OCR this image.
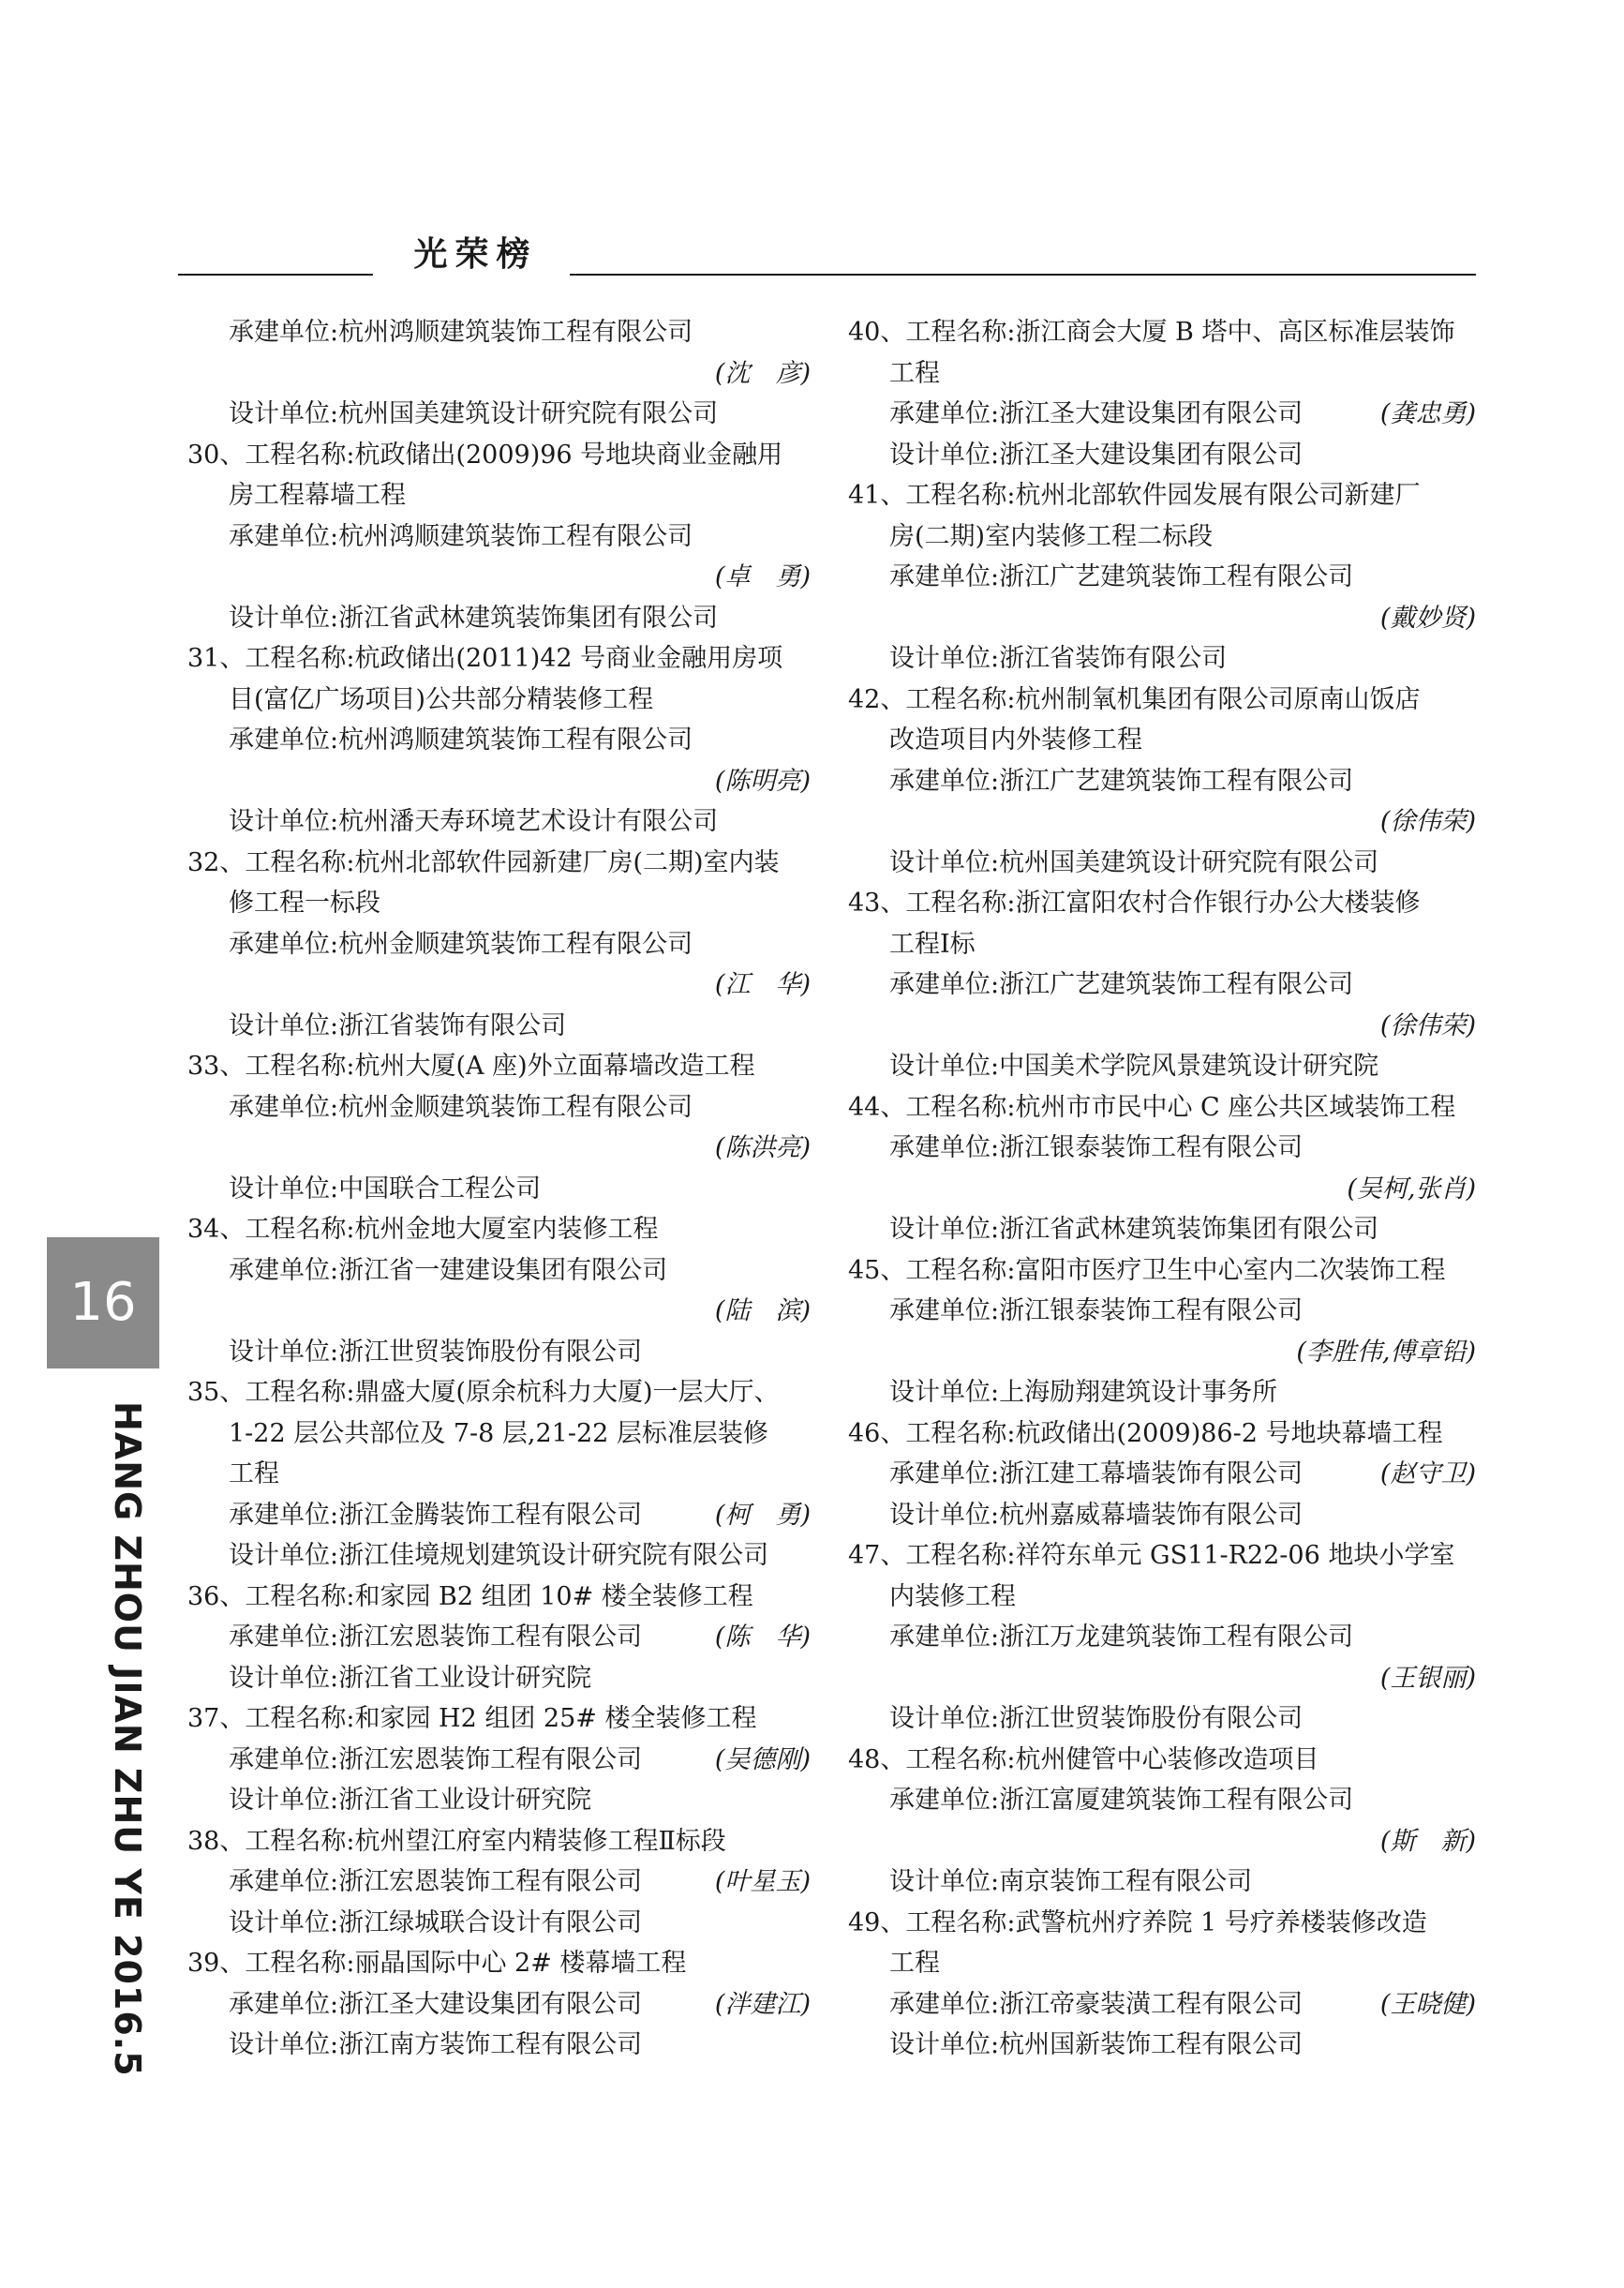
光荣榜
16
HANG ZHOU JIAN ZHU YE 2016.5
承建单位:杭州鸿顺建筑装饰工程有限公司
(沈　彦)
设计单位:杭州国美建筑设计研究院有限公司
30、工程名称:杭政储出(2009)96 号地块商业金融用
房工程幕墙工程
承建单位:杭州鸿顺建筑装饰工程有限公司
(卓　勇)
设计单位:浙江省武林建筑装饰集团有限公司
31、工程名称:杭政储出(2011)42 号商业金融用房项
目(富亿广场项目)公共部分精装修工程
承建单位:杭州鸿顺建筑装饰工程有限公司
(陈明亮)
设计单位:杭州潘天寿环境艺术设计有限公司
32、工程名称:杭州北部软件园新建厂房(二期)室内装
修工程一标段
承建单位:杭州金顺建筑装饰工程有限公司
(江　华)
设计单位:浙江省装饰有限公司
33、工程名称:杭州大厦(A 座)外立面幕墙改造工程
承建单位:杭州金顺建筑装饰工程有限公司
(陈洪亮)
设计单位:中国联合工程公司
34、工程名称:杭州金地大厦室内装修工程
承建单位:浙江省一建建设集团有限公司
(陆　滨)
设计单位:浙江世贸装饰股份有限公司
35、工程名称:鼎盛大厦(原余杭科力大厦)一层大厅、
1-22 层公共部位及 7-8 层,21-22 层标准层装修
工程
承建单位:浙江金腾装饰工程有限公司	(柯　勇)
设计单位:浙江佳境规划建筑设计研究院有限公司
36、工程名称:和家园 B2 组团 10# 楼全装修工程
承建单位:浙江宏恩装饰工程有限公司	(陈　华)
设计单位:浙江省工业设计研究院
37、工程名称:和家园 H2 组团 25# 楼全装修工程
承建单位:浙江宏恩装饰工程有限公司	(吴德刚)
设计单位:浙江省工业设计研究院
38、工程名称:杭州望江府室内精装修工程Ⅱ标段
承建单位:浙江宏恩装饰工程有限公司	(叶星玉)
设计单位:浙江绿城联合设计有限公司
39、工程名称:丽晶国际中心 2# 楼幕墙工程
承建单位:浙江圣大建设集团有限公司	(泮建江)
设计单位:浙江南方装饰工程有限公司
40、工程名称:浙江商会大厦 B 塔中、高区标准层装饰
工程
承建单位:浙江圣大建设集团有限公司	(龚忠勇)
设计单位:浙江圣大建设集团有限公司
41、工程名称:杭州北部软件园发展有限公司新建厂
房(二期)室内装修工程二标段
承建单位:浙江广艺建筑装饰工程有限公司
(戴妙贤)
设计单位:浙江省装饰有限公司
42、工程名称:杭州制氧机集团有限公司原南山饭店
改造项目内外装修工程
承建单位:浙江广艺建筑装饰工程有限公司
(徐伟荣)
设计单位:杭州国美建筑设计研究院有限公司
43、工程名称:浙江富阳农村合作银行办公大楼装修
工程Ⅰ标
承建单位:浙江广艺建筑装饰工程有限公司
(徐伟荣)
设计单位:中国美术学院风景建筑设计研究院
44、工程名称:杭州市市民中心 C 座公共区域装饰工程
承建单位:浙江银泰装饰工程有限公司
(吴柯,张肖)
设计单位:浙江省武林建筑装饰集团有限公司
45、工程名称:富阳市医疗卫生中心室内二次装饰工程
承建单位:浙江银泰装饰工程有限公司
(李胜伟,傅章铅)
设计单位:上海励翔建筑设计事务所
46、工程名称:杭政储出(2009)86-2 号地块幕墙工程
承建单位:浙江建工幕墙装饰有限公司	(赵守卫)
设计单位:杭州嘉威幕墙装饰有限公司
47、工程名称:祥符东单元 GS11-R22-06 地块小学室
内装修工程
承建单位:浙江万龙建筑装饰工程有限公司
(王银丽)
设计单位:浙江世贸装饰股份有限公司
48、工程名称:杭州健管中心装修改造项目
承建单位:浙江富厦建筑装饰工程有限公司
(斯　新)
设计单位:南京装饰工程有限公司
49、工程名称:武警杭州疗养院 1 号疗养楼装修改造
工程
承建单位:浙江帝豪装潢工程有限公司	(王晓健)
设计单位:杭州国新装饰工程有限公司
